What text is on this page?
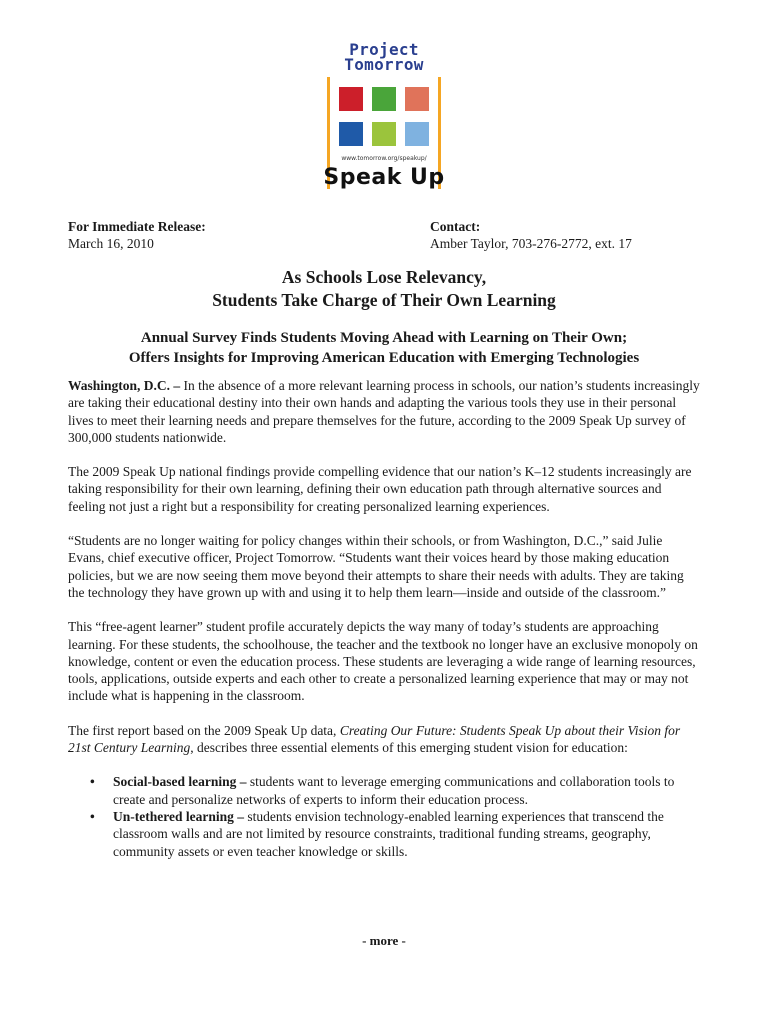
Project
Tomorrow
www.tomorrow.org/speakup/
Speak Up
For Immediate Release:
March 16, 2010
Contact:
Amber Taylor, 703-276-2772, ext. 17
As Schools Lose Relevancy,
Students Take Charge of Their Own Learning
Annual Survey Finds Students Moving Ahead with Learning on Their Own;
Offers Insights for Improving American Education with Emerging Technologies

Washington, D.C. – In the absence of a more relevant learning process in schools, our nation’s students increasingly are taking their educational destiny into their own hands and adapting the various tools they use in their personal lives to meet their learning needs and prepare themselves for the future, according to the 2009 Speak Up survey of 300,000 students nationwide.

The 2009 Speak Up national findings provide compelling evidence that our nation’s K–12 students increasingly are taking responsibility for their own learning, defining their own education path through alternative sources and feeling not just a right but a responsibility for creating personalized learning experiences.

“Students are no longer waiting for policy changes within their schools, or from Washington, D.C.,” said Julie Evans, chief executive officer, Project Tomorrow. “Students want their voices heard by those making education policies, but we are now seeing them move beyond their attempts to share their needs with adults. They are taking the technology they have grown up with and using it to help them learn—inside and outside of the classroom.”

This “free-agent learner” student profile accurately depicts the way many of today’s students are approaching learning. For these students, the schoolhouse, the teacher and the textbook no longer have an exclusive monopoly on knowledge, content or even the education process. These students are leveraging a wide range of learning resources, tools, applications, outside experts and each other to create a personalized learning experience that may or may not include what is happening in the classroom.

The first report based on the 2009 Speak Up data, Creating Our Future: Students Speak Up about their Vision for 21st Century Learning, describes three essential elements of this emerging student vision for education:

• Social-based learning – students want to leverage emerging communications and collaboration tools to create and personalize networks of experts to inform their education process.
• Un-tethered learning – students envision technology-enabled learning experiences that transcend the classroom walls and are not limited by resource constraints, traditional funding streams, geography, community assets or even teacher knowledge or skills.
- more -
